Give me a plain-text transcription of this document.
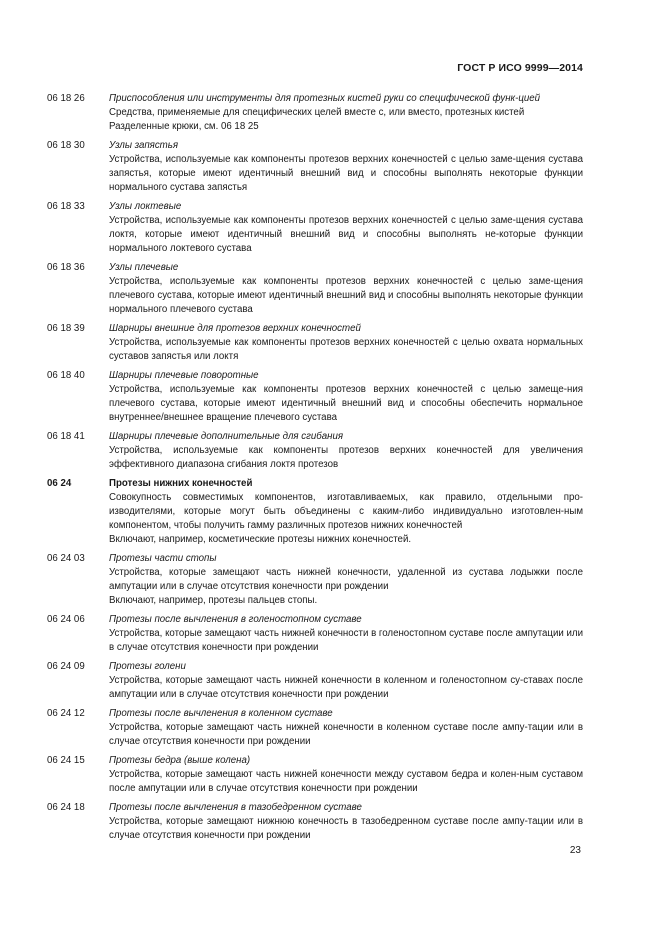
ГОСТ Р ИСО 9999—2014
06 18 26	Приспособления или инструменты для протезных кистей руки со специфической функ-цией
Средства, применяемые для специфических целей вместе с, или вместо, протезных кистей
Разделенные крюки, см. 06 18 25
06 18 30	Узлы запястья
Устройства, используемые как компоненты протезов верхних конечностей с целью заме-щения сустава запястья, которые имеют идентичный внешний вид и способны выполнять некоторые функции нормального сустава запястья
06 18 33	Узлы локтевые
Устройства, используемые как компоненты протезов верхних конечностей с целью заме-щения сустава локтя, которые имеют идентичный внешний вид и способны выполнять не-которые функции нормального локтевого сустава
06 18 36	Узлы плечевые
Устройства, используемые как компоненты протезов верхних конечностей с целью заме-щения плечевого сустава, которые имеют идентичный внешний вид и способны выполнять некоторые функции нормального плечевого сустава
06 18 39	Шарниры внешние для протезов верхних конечностей
Устройства, используемые как компоненты протезов верхних конечностей с целью охвата нормальных суставов запястья или локтя
06 18 40	Шарниры плечевые поворотные
Устройства, используемые как компоненты протезов верхних конечностей с целью замеще-ния плечевого сустава, которые имеют идентичный внешний вид и способны обеспечить нормальное внутреннее/внешнее вращение плечевого сустава
06 18 41	Шарниры плечевые дополнительные для сгибания
Устройства, используемые как компоненты протезов верхних конечностей для увеличения эффективного диапазона сгибания локтя протезов
06 24	Протезы нижних конечностей
Совокупность совместимых компонентов, изготавливаемых, как правило, отдельными про-изводителями, которые могут быть объединены с каким-либо индивидуально изготовлен-ным компонентом, чтобы получить гамму различных протезов нижних конечностей
Включают, например, косметические протезы нижних конечностей.
06 24 03	Протезы части стопы
Устройства, которые замещают часть нижней конечности, удаленной из сустава лодыжки после ампутации или в случае отсутствия конечности при рождении
Включают, например, протезы пальцев стопы.
06 24 06	Протезы после вычленения в голеностопном суставе
Устройства, которые замещают часть нижней конечности в голеностопном суставе после ампутации или в случае отсутствия конечности при рождении
06 24 09	Протезы голени
Устройства, которые замещают часть нижней конечности в коленном и голеностопном су-ставах после ампутации или в случае отсутствия конечности при рождении
06 24 12	Протезы после вычленения в коленном суставе
Устройства, которые замещают часть нижней конечности в коленном суставе после ампу-тации или в случае отсутствия конечности при рождении
06 24 15	Протезы бедра (выше колена)
Устройства, которые замещают часть нижней конечности между суставом бедра и колен-ным суставом после ампутации или в случае отсутствия конечности при рождении
06 24 18	Протезы после вычленения в тазобедренном суставе
Устройства, которые замещают нижнюю конечность в тазобедренном суставе после ампу-тации или в случае отсутствия конечности при рождении
23
